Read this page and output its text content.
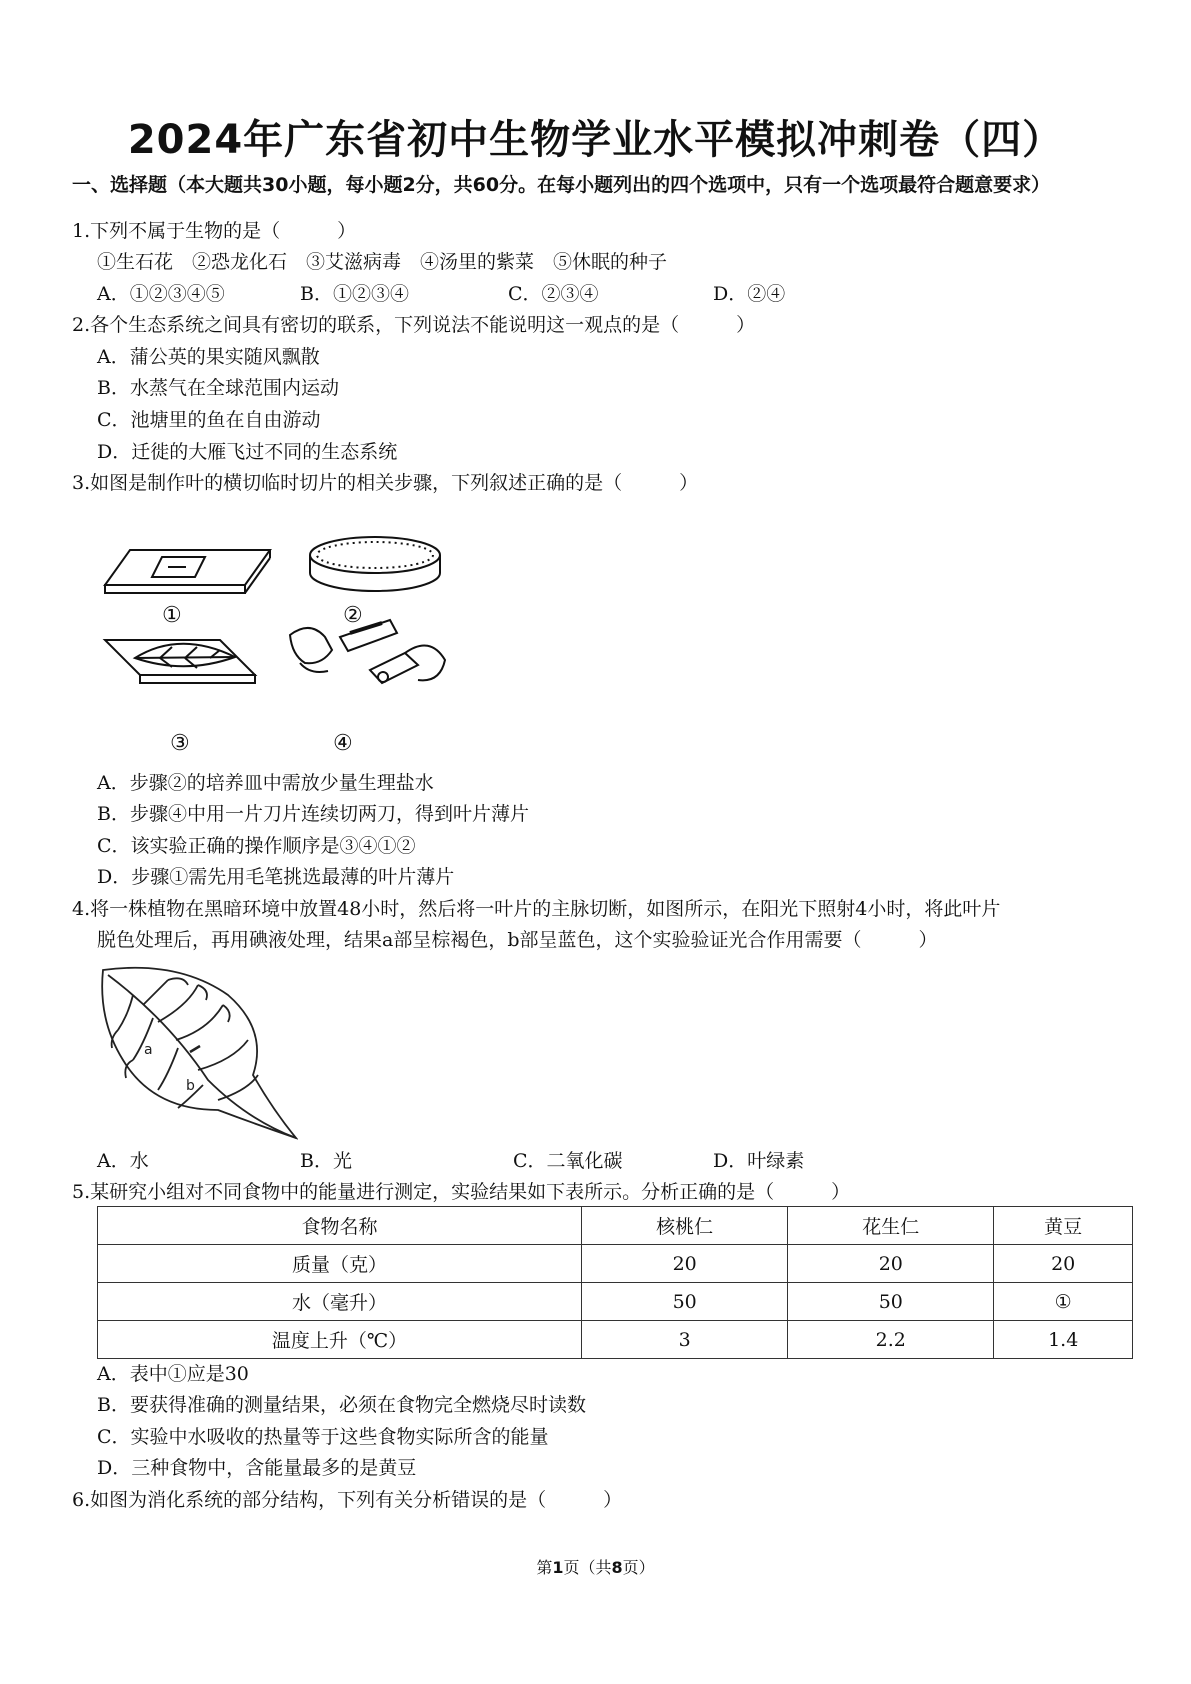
2024年广东省初中生物学业水平模拟冲刺卷（四）
一、选择题（本大题共30小题，每小题2分，共60分。在每小题列出的四个选项中，只有一个选项最符合题意要求）
1.下列不属于生物的是（　　　）
①生石花　②恐龙化石　③艾滋病毒　④汤里的紫菜　⑤休眠的种子
A．①②③④⑤	B．①②③④	C．②③④	D．②④
2.各个生态系统之间具有密切的联系，下列说法不能说明这一观点的是（　　　）
A．蒲公英的果实随风飘散
B．水蒸气在全球范围内运动
C．池塘里的鱼在自由游动
D．迁徙的大雁飞过不同的生态系统
3.如图是制作叶的横切临时切片的相关步骤，下列叙述正确的是（　　　）
①	②
③	④
A．步骤②的培养皿中需放少量生理盐水
B．步骤④中用一片刀片连续切两刀，得到叶片薄片
C．该实验正确的操作顺序是③④①②
D．步骤①需先用毛笔挑选最薄的叶片薄片
4.将一株植物在黑暗环境中放置48小时，然后将一叶片的主脉切断，如图所示，在阳光下照射4小时，将此叶片
脱色处理后，再用碘液处理，结果a部呈棕褐色，b部呈蓝色，这个实验验证光合作用需要（　　　）
a
b
A．水	B．光	C．二氧化碳	D．叶绿素
5.某研究小组对不同食物中的能量进行测定，实验结果如下表所示。分析正确的是（　　　）
食物名称	核桃仁	花生仁	黄豆
质量（克）	20	20	20
水（毫升）	50	50	①
温度上升（℃）	3	2.2	1.4
A．表中①应是30
B．要获得准确的测量结果，必须在食物完全燃烧尽时读数
C．实验中水吸收的热量等于这些食物实际所含的能量
D．三种食物中，含能量最多的是黄豆
6.如图为消化系统的部分结构，下列有关分析错误的是（　　　）
第1页（共8页）
